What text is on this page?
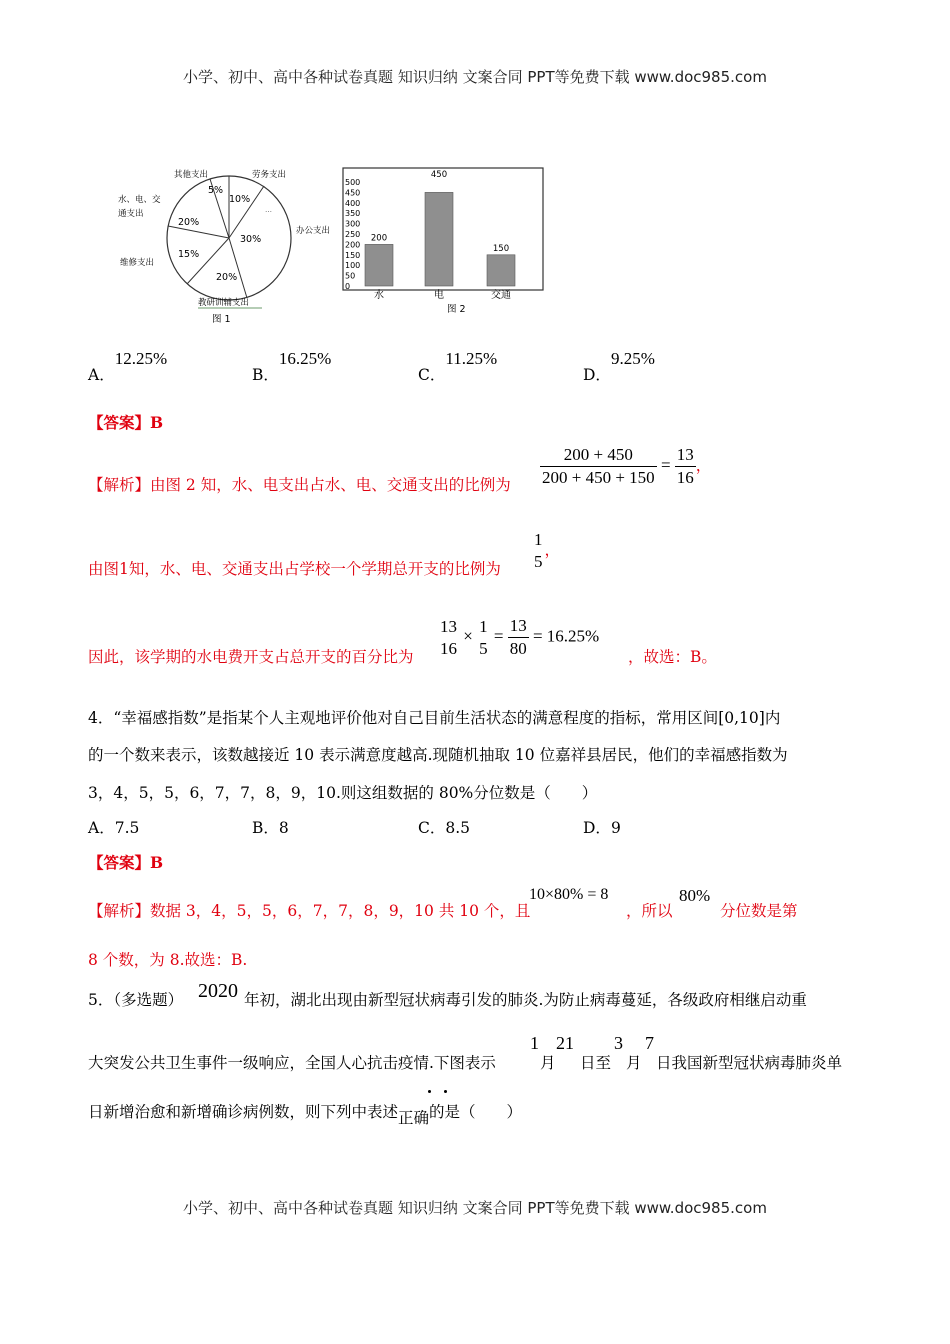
小学、初中、高中各种试卷真题 知识归纳 文案合同 PPT等免费下载 www.doc985.com
其他支出	劳务支出
水、电、交
通支出
维修支出
办公支出
教研训辅支出
…
5%
10%
30%
20%
15%
20%
图 1
500
450
400
350
300
250
200
150
100
50
0
200
水
450
电
150
交通
图 2
A．12.25%
B．16.25%
C．11.25%
D．9.25%
【答案】B
【解析】由图 2 知，水、电支出占水、电、交通支出的比例为 $\frac{200 + 450}{200 + 450 + 150} = \frac{13}{16}$ ，
由图1知，水、电、交通支出占学校一个学期总开支的比例为
1
5
，
因此，该学期的水电费开支占总开支的百分比为
13
16
×
1
5
= $\frac{13}{80} = 16.25\%$
，故选：B。
4．“幸福感指数”是指某个人主观地评价他对自己目前生活状态的满意程度的指标，常用区间[0,10]内
的一个数来表示，该数越接近 10 表示满意度越高.现随机抽取 10 位嘉祥县居民，他们的幸福感指数为
3，4，5，5，6，7，7，8，9，10.则这组数据的 80%分位数是（　　）
A．7.5	B．8	C．8.5	D．9
【答案】B
【解析】数据 3，4，5，5，6，7，7，8，9，10 共 10 个，且
10×80% = 8
，所以
80%
分位数是第
8 个数，为 8.故选：B.
5．（多选题） 2020 年初，湖北出现由新型冠状病毒引发的肺炎.为防止病毒蔓延，各级政府相继启动重
大突发公共卫生事件一级响应，全国人心抗击疫情.下图表示
1
月
21
日至
3
月
7
日我国新型冠状病毒肺炎单
日新增治愈和新增确诊病例数，则下列中表述正确的是（　　）
小学、初中、高中各种试卷真题 知识归纳 文案合同 PPT等免费下载 www.doc985.com
